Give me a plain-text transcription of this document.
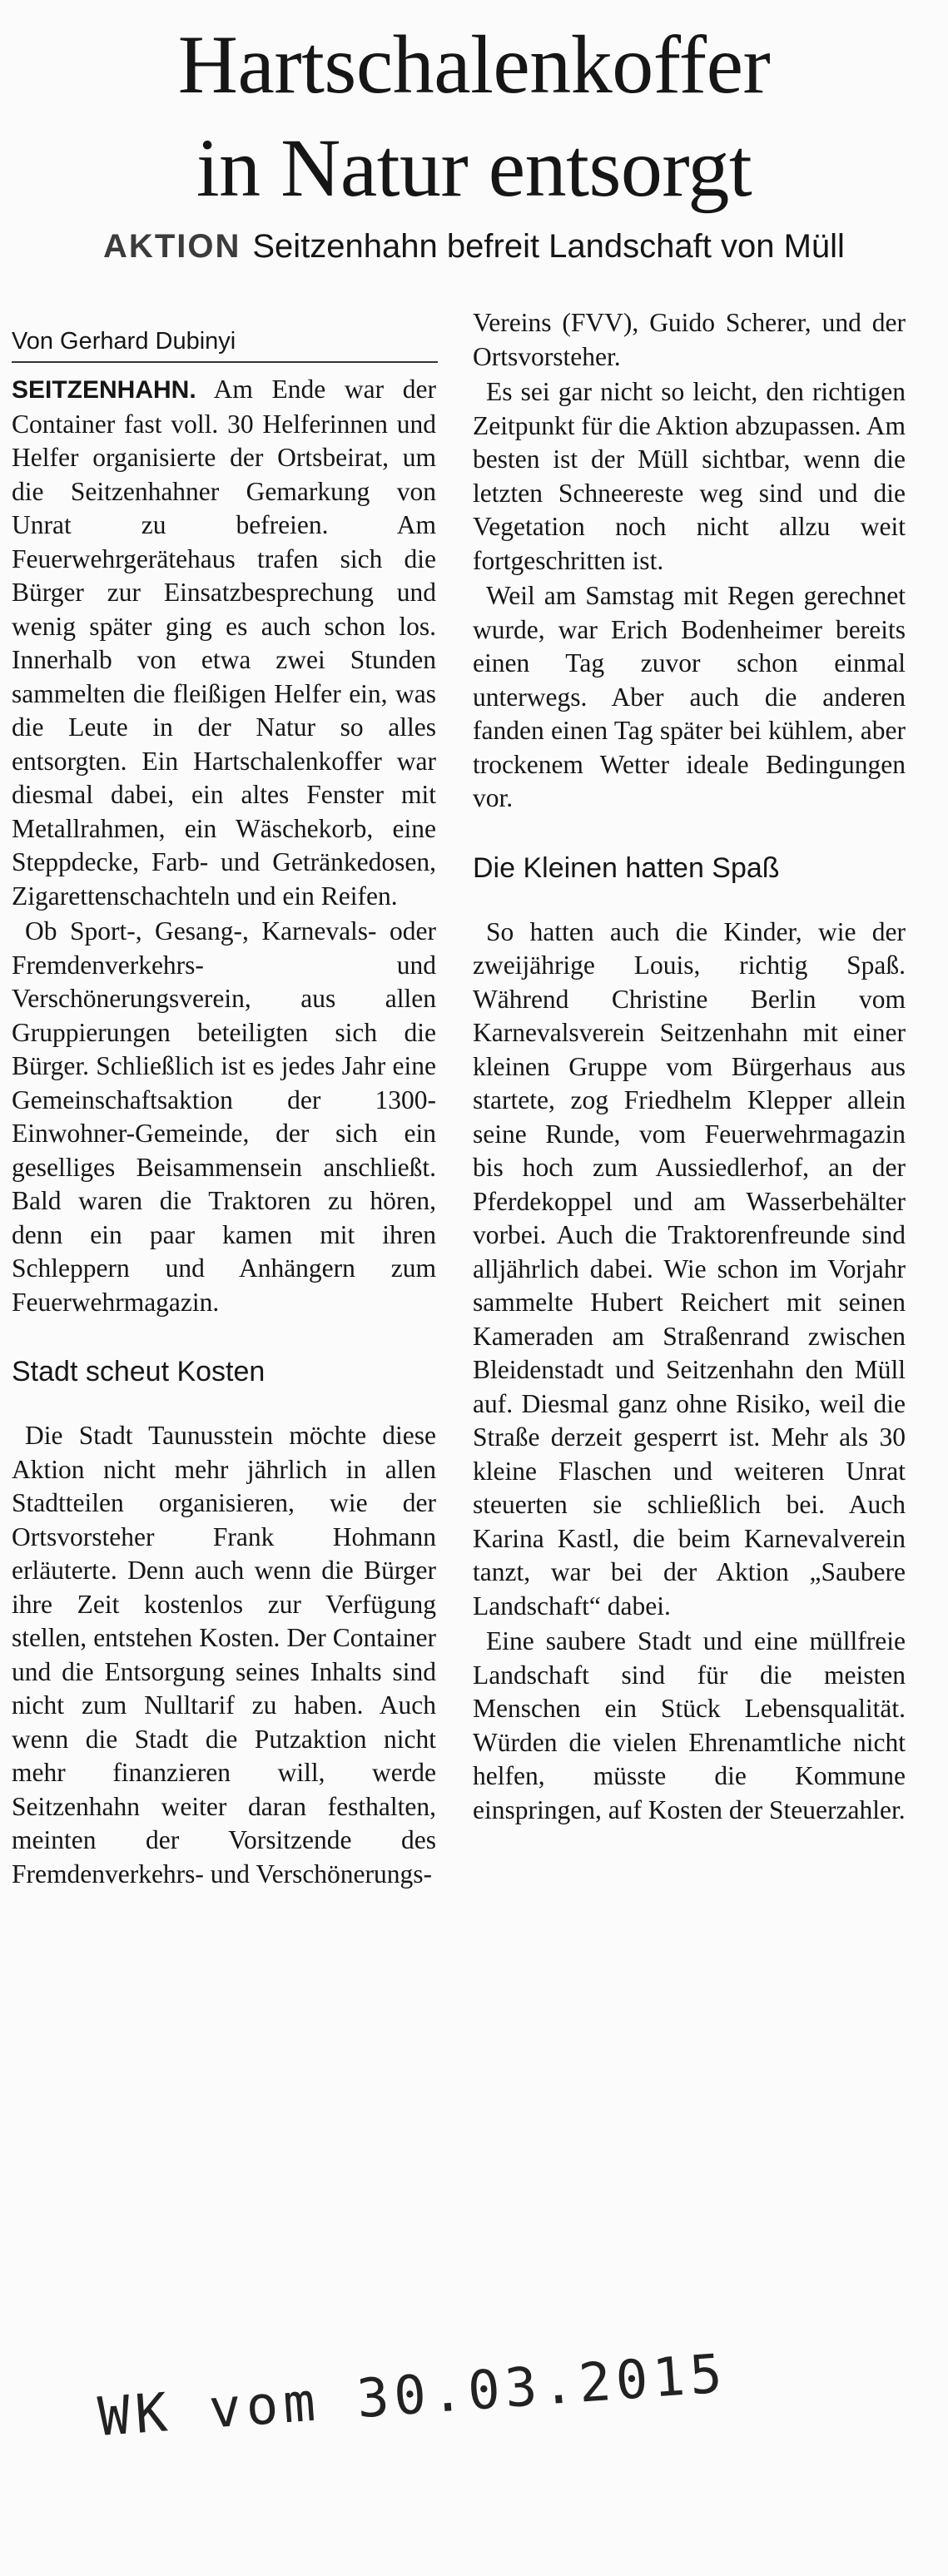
Hartschalenkoffer
in Natur entsorgt
AKTION Seitzenhahn befreit Landschaft von Müll
Von Gerhard Dubinyi

SEITZENHAHN. Am Ende war der Container fast voll. 30 Helferinnen und Helfer organisierte der Ortsbeirat, um die Seitzenhahner Gemarkung von Unrat zu befreien. Am Feuerwehrgerätehaus trafen sich die Bürger zur Einsatzbesprechung und wenig später ging es auch schon los. Innerhalb von etwa zwei Stunden sammelten die fleißigen Helfer ein, was die Leute in der Natur so alles entsorgten. Ein Hartschalenkoffer war diesmal dabei, ein altes Fenster mit Metallrahmen, ein Wäschekorb, eine Steppdecke, Farb- und Getränkedosen, Zigarettenschachteln und ein Reifen.

Ob Sport-, Gesang-, Karnevals- oder Fremdenverkehrs- und Verschönerungsverein, aus allen Gruppierungen beteiligten sich die Bürger. Schließlich ist es jedes Jahr eine Gemeinschaftsaktion der 1300-Einwohner-Gemeinde, der sich ein geselliges Beisammensein anschließt. Bald waren die Traktoren zu hören, denn ein paar kamen mit ihren Schleppern und Anhängern zum Feuerwehrmagazin.

Stadt scheut Kosten

Die Stadt Taunusstein möchte diese Aktion nicht mehr jährlich in allen Stadtteilen organisieren, wie der Ortsvorsteher Frank Hohmann erläuterte. Denn auch wenn die Bürger ihre Zeit kostenlos zur Verfügung stellen, entstehen Kosten. Der Container und die Entsorgung seines Inhalts sind nicht zum Nulltarif zu haben. Auch wenn die Stadt die Putzaktion nicht mehr finanzieren will, werde Seitzenhahn weiter daran festhalten, meinten der Vorsitzende des Fremdenverkehrs- und Verschönerungs-

Vereins (FVV), Guido Scherer, und der Ortsvorsteher.

Es sei gar nicht so leicht, den richtigen Zeitpunkt für die Aktion abzupassen. Am besten ist der Müll sichtbar, wenn die letzten Schneereste weg sind und die Vegetation noch nicht allzu weit fortgeschritten ist.

Weil am Samstag mit Regen gerechnet wurde, war Erich Bodenheimer bereits einen Tag zuvor schon einmal unterwegs. Aber auch die anderen fanden einen Tag später bei kühlem, aber trockenem Wetter ideale Bedingungen vor.

Die Kleinen hatten Spaß

So hatten auch die Kinder, wie der zweijährige Louis, richtig Spaß. Während Christine Berlin vom Karnevalsverein Seitzenhahn mit einer kleinen Gruppe vom Bürgerhaus aus startete, zog Friedhelm Klepper allein seine Runde, vom Feuerwehrmagazin bis hoch zum Aussiedlerhof, an der Pferdekoppel und am Wasserbehälter vorbei. Auch die Traktorenfreunde sind alljährlich dabei. Wie schon im Vorjahr sammelte Hubert Reichert mit seinen Kameraden am Straßenrand zwischen Bleidenstadt und Seitzenhahn den Müll auf. Diesmal ganz ohne Risiko, weil die Straße derzeit gesperrt ist. Mehr als 30 kleine Flaschen und weiteren Unrat steuerten sie schließlich bei. Auch Karina Kastl, die beim Karnevalverein tanzt, war bei der Aktion „Saubere Landschaft“ dabei.

Eine saubere Stadt und eine müllfreie Landschaft sind für die meisten Menschen ein Stück Lebensqualität. Würden die vielen Ehrenamtliche nicht helfen, müsste die Kommune einspringen, auf Kosten der Steuerzahler.

WK vom 30.03.2015
